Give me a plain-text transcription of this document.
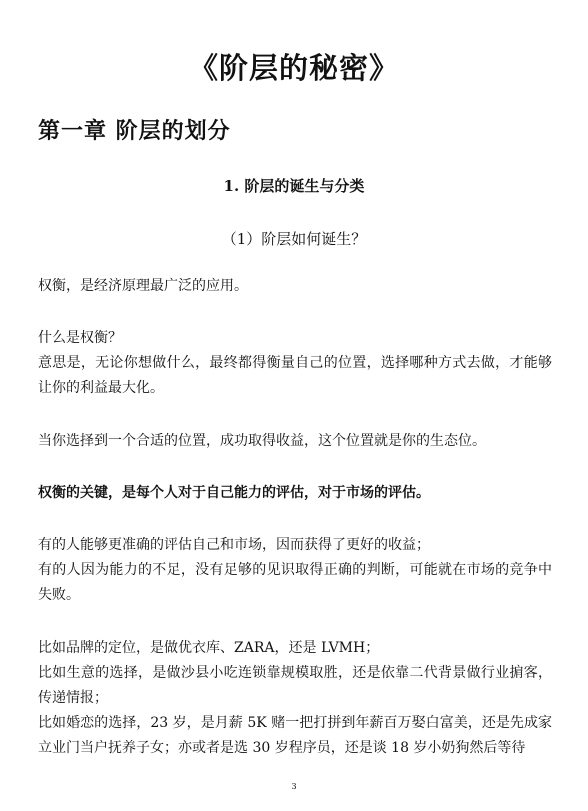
《阶层的秘密》
第一章 阶层的划分
1. 阶层的诞生与分类
（1）阶层如何诞生？

权衡，是经济原理最广泛的应用。

什么是权衡？

意思是，无论你想做什么，最终都得衡量自己的位置，选择哪种方式去做，才能够让你的利益最大化。

当你选择到一个合适的位置，成功取得收益，这个位置就是你的生态位。

权衡的关键，是每个人对于自己能力的评估，对于市场的评估。

有的人能够更准确的评估自己和市场，因而获得了更好的收益；

有的人因为能力的不足，没有足够的见识取得正确的判断，可能就在市场的竞争中失败。

比如品牌的定位，是做优衣库、ZARA，还是 LVMH；

比如生意的选择，是做沙县小吃连锁靠规模取胜，还是依靠二代背景做行业掮客，传递情报；

比如婚恋的选择，23 岁，是月薪 5K 赌一把打拼到年薪百万娶白富美，还是先成家立业门当户抚养子女；亦或者是选 30 岁程序员，还是谈 18 岁小奶狗然后等待

3
